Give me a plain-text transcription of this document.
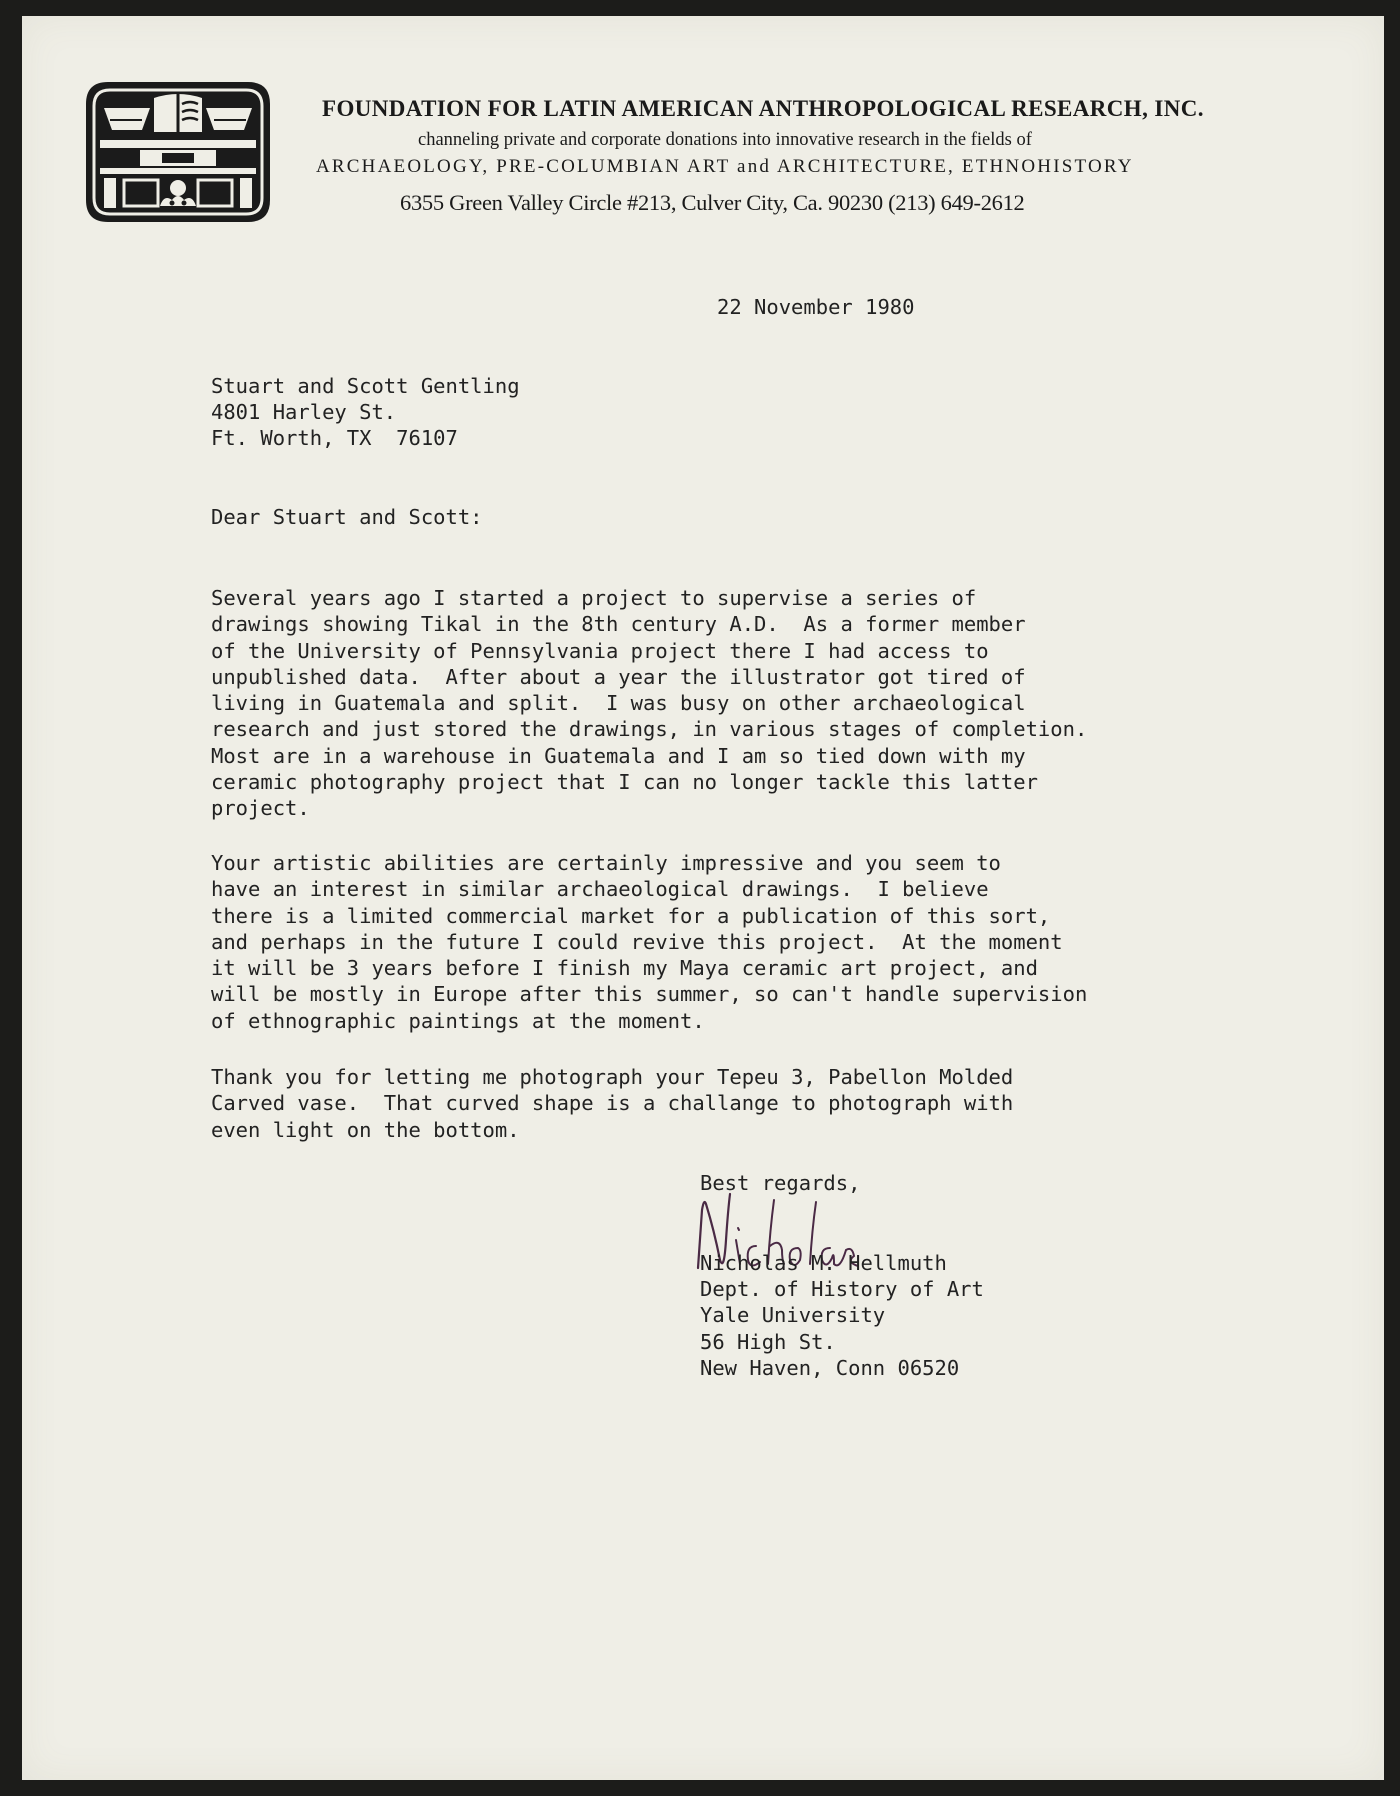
FOUNDATION FOR LATIN AMERICAN ANTHROPOLOGICAL RESEARCH, INC.
channeling private and corporate donations into innovative research in the fields of
ARCHAEOLOGY, PRE-COLUMBIAN ART and ARCHITECTURE, ETHNOHISTORY
6355 Green Valley Circle #213, Culver City, Ca. 90230 (213) 649-2612
22 November 1980
Stuart and Scott Gentling
4801 Harley St.
Ft. Worth, TX  76107
Dear Stuart and Scott:
Several years ago I started a project to supervise a series of
drawings showing Tikal in the 8th century A.D.  As a former member
of the University of Pennsylvania project there I had access to
unpublished data.  After about a year the illustrator got tired of
living in Guatemala and split.  I was busy on other archaeological
research and just stored the drawings, in various stages of completion.
Most are in a warehouse in Guatemala and I am so tied down with my
ceramic photography project that I can no longer tackle this latter
project.
Your artistic abilities are certainly impressive and you seem to
have an interest in similar archaeological drawings.  I believe
there is a limited commercial market for a publication of this sort,
and perhaps in the future I could revive this project.  At the moment
it will be 3 years before I finish my Maya ceramic art project, and
will be mostly in Europe after this summer, so can't handle supervision
of ethnographic paintings at the moment.
Thank you for letting me photograph your Tepeu 3, Pabellon Molded
Carved vase.  That curved shape is a challange to photograph with
even light on the bottom.
Best regards,
Nicholas M. Hellmuth
Dept. of History of Art
Yale University
56 High St.
New Haven, Conn 06520
